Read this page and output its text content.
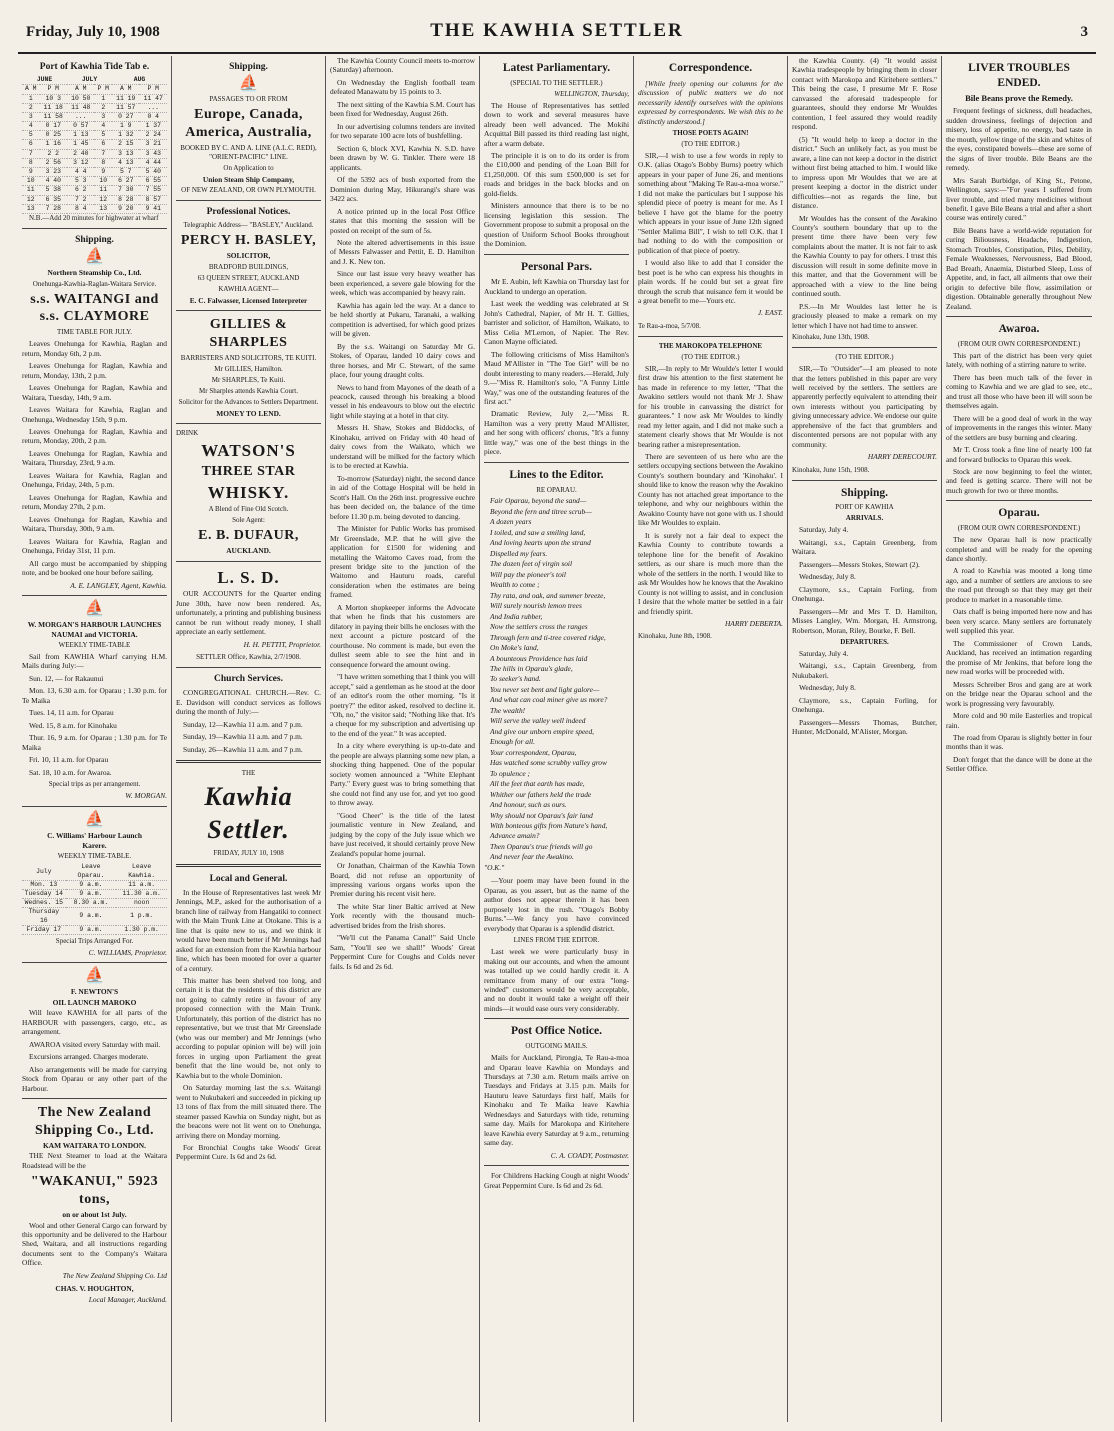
Friday, July 10, 1908	THE KAWHIA SETTLER	3
Port of Kawhia Tide Tab e.
JUNE		JULY		AUG	
A M	P M	A M	P M	A M	P M
1	10 3	10 50	1	11 19	11 47
2	11 18	11 48	2	11 57	...
3	11 58	...	3	0 27	0 4
4	0 17	0 57	4	1 9	1 37
5	0 25	1 13	5	1 32	2 24
6	1 16	1 45	6	2 15	3 21
7	2 2	2 40	7	3 13	3 43
8	2 56	3 12	8	4 13	4 44
9	3 23	4 4	9	5 7	5 40
10	4 40	5 3	10	6 27	6 55
11	5 38	6 2	11	7 30	7 55
12	6 35	7 2	12	8 28	8 57
13	7 28	8 4	13	9 20	9 41

N.B.—Add 20 minutes for highwater at wharf

Shipping.
⛵
Northern Steamship Co., Ltd.
Onehunga-Kawhia-Raglan-Waitara Service.
s.s. WAITANGI and s.s. CLAYMORE
TIME TABLE FOR JULY.

Leaves Onehunga for Kawhia, Raglan and return, Monday 6th, 2 p.m.

Leaves Onehunga for Raglan, Kawhia and return, Monday, 13th, 2 p.m.

Leaves Onehunga for Raglan, Kawhia and Waitara, Tuesday, 14th, 9 a.m.

Leaves Waitara for Kawhia, Raglan and Onehunga, Wednesday 15th, 9 p.m.

Leaves Onehunga for Raglan, Kawhia and return, Monday, 20th, 2 p.m.

Leaves Onehunga for Raglan, Kawhia and Waitara, Thursday, 23rd, 9 a.m.

Leaves Waitara for Kawhia, Raglan and Onehunga, Friday, 24th, 5 p.m.

Leaves Onehunga for Raglan, Kawhia and return, Monday 27th, 2 p.m.

Leaves Onehunga for Raglan, Kawhia and Waitara, Thursday, 30th, 9 a.m.

Leaves Waitara for Kawhia, Raglan and Onehunga, Friday 31st, 11 p.m.

All cargo must be accompanied by shipping note, and be booked one hour before sailing.

A. E. LANGLEY, Agent, Kawhia.
⛵
W. MORGAN'S HARBOUR LAUNCHES NAUMAI and VICTORIA.
WEEKLY TIME-TABLE

Sail from KAWHIA Wharf carrying H.M. Mails during July:—

Sun. 12, — for Rakaunui

Mon. 13, 6.30 a.m. for Oparau ; 1.30 p.m. for Te Maika

Tues. 14, 11 a.m. for Oparau

Wed. 15, 8 a.m. for Kinohaku

Thur. 16, 9 a.m. for Oparau ; 1.30 p.m. for Te Maika

Fri. 10, 11 a.m. for Oparau

Sat. 18, 10 a.m. for Awaroa.

Special trips as per arrangement.
W. MORGAN.
⛵
C. Williams' Harbour Launch
Karere.
WEEKLY TIME-TABLE.
July	Leave Oparau.	Leave Kawhia.
Mon. 13	9 a.m.	11 a.m.
Tuesday 14	9 a.m.	11.30 a.m.
Wednes. 15	8.30 a.m.	noon
Thursday 16	9 a.m.	1 p.m.
Friday 17	9 a.m.	1.30 p.m.
Special Trips Arranged For.
C. WILLIAMS, Proprietor.
⛵
F. NEWTON'S
OIL LAUNCH MAROKO

Will leave KAWHIA for all parts of the HARBOUR with passengers, cargo, etc., as arrangement.

AWAROA visited every Saturday with mail.

Excursions arranged. Charges moderate.

Also arrangements will be made for carrying Stock from Oparau or any other part of the Harbour.

The New Zealand Shipping Co., Ltd.
KAM WAITARA TO LONDON.

THE Next Steamer to load at the Waitara Roadstead will be the

"WAKANUI," 5923 tons,
on or about 1st July.

Wool and other General Cargo can forward by this opportunity and be delivered to the Harbour Shed, Waitara, and all instructions regarding documents sent to the Company's Waitara Office.

The New Zealand Shipping Co. Ltd
CHAS. V. HOUGHTON,
Local Manager, Auckland.
Shipping.
⛵
PASSAGES TO OR FROM
Europe, Canada, America, Australia,
BOOKED BY C. AND A. LINE (A.L.C. REDI), "ORIENT-PACIFIC" LINE.
On Application to
Union Steam Ship Company,
OF NEW ZEALAND, OR OWN PLYMOUTH.
Professional Notices.
Telegraphic Address— "BASLEY," Auckland.
PERCY H. BASLEY,
SOLICITOR,
BRADFORD BUILDINGS,
63 QUEEN STREET, AUCKLAND
KAWHIA AGENT—
E. C. Falwasser, Licensed Interpreter
GILLIES & SHARPLES
BARRISTERS AND SOLICITORS, TE KUITI.
Mr GILLIES, Hamilton.
Mr SHARPLES, Te Kuiti.
Mr Sharples attends Kawhia Court.
Solicitor for the Advances to Settlers Department.
MONEY TO LEND.
DRINK
WATSON'S
THREE STAR
WHISKY.
A Blend of Fine Old Scotch.
Sole Agent:
E. B. DUFAUR,
AUCKLAND.
L. S. D.

OUR ACCOUNTS for the Quarter ending June 30th, have now been rendered. As, unfortunately, a printing and publishing business cannot be run without ready money, I shall appreciate an early settlement.

H. H. PETTIT, Proprietor.
SETTLER Office, Kawhia, 2/7/1908.
Church Services.

CONGREGATIONAL CHURCH.—Rev. C. E. Davidson will conduct services as follows during the month of July:—

Sunday, 12—Kawhia 11 a.m. and 7 p.m.

Sunday, 19—Kawhia 11 a.m. and 7 p.m.

Sunday, 26—Kawhia 11 a.m. and 7 p.m.

THE
Kawhia Settler.
FRIDAY, JULY 10, 1908
Local and General.

In the House of Representatives last week Mr Jennings, M.P., asked for the authorisation of a branch line of railway from Hangatiki to connect with the Main Trunk Line at Otokane. This is a line that is quite new to us, and we think it would have been much better if Mr Jennings had asked for an extension from the Kawhia harbour line, which has been mooted for over a quarter of a century.

This matter has been shelved too long, and certain it is that the residents of this district are not going to calmly retire in favour of any proposed connection with the Main Trunk. Unfortunately, this portion of the district has no representative, but we trust that Mr Greenslade (who was our member) and Mr Jennings (who according to popular opinion will be) will join forces in urging upon Parliament the great benefit that the line would be, not only to Kawhia but to the whole Dominion.

On Saturday morning last the s.s. Waitangi went to Nukubakeri and succeeded in picking up 13 tons of flax from the mill situated there. The steamer passed Kawhia on Sunday night, but as the beacons were not lit went on to Onehunga, arriving there on Monday morning.

For Bronchial Coughs take Woods' Great Peppermint Cure. Is 6d and 2s 6d.

The Kawhia County Council meets to-morrow (Saturday) afternoon.

On Wednesday the English football team defeated Manawatu by 15 points to 3.

The next sitting of the Kawhia S.M. Court has been fixed for Wednesday, August 26th.

In our advertising columns tenders are invited for two separate 100 acre lots of bushfelling.

Section 6, block XVI, Kawhia N. S.D. have been drawn by W. G. Tinkler. There were 18 applicants.

Of the 5392 acs of bush exported from the Dominion during May, Hikurangi's share was 3422 acs.

A notice printed up in the local Post Office states that this morning the session will be posted on receipt of the sum of 5s.

Note the altered advertisements in this issue of Messrs Falwasser and Pettit, E. D. Hamilton and J. K. New ton.

Since our last issue very heavy weather has been experienced, a severe gale blowing for the week, which was accompanied by heavy rain.

Kawhia has again led the way. At a dance to be held shortly at Pukaru, Taranaki, a walking competition is advertised, for which good prizes will be given.

By the s.s. Waitangi on Saturday Mr G. Stokes, of Oparau, landed 10 dairy cows and three horses, and Mr C. Stewart, of the same place, four young draught colts.

News to hand from Mayones of the death of a peacock, caused through his breaking a blood vessel in his endeavours to blow out the electric light while staying at a hotel in that city.

Messrs H. Shaw, Stokes and Biddocks, of Kinohaku, arrived on Friday with 40 head of dairy cows from the Waikato, which we understand will be milked for the factory which is to be erected at Kawhia.

To-morrow (Saturday) night, the second dance in aid of the Cottage Hospital will be held in Scott's Hall. On the 26th inst. progressive euchre has been decided on, the balance of the time before 11.30 p.m. being devoted to dancing.

The Minister for Public Works has promised Mr Greenslade, M.P. that he will give the application for £1500 for widening and metalling the Waitomo Caves road, from the present bridge site to the junction of the Waitomo and Hauturu roads, careful consideration when the estimates are being framed.

A Morton shopkeeper informs the Advocate that when he finds that his customers are dilatory in paying their bills he encloses with the next account a picture postcard of the courthouse. No comment is made, but even the dullest seem able to see the hint and in consequence forward the amount owing.

"I have written something that I think you will accept," said a gentleman as he stood at the door of an editor's room the other morning. "Is it poetry?" the editor asked, resolved to decline it. "Oh, no," the visitor said; "Nothing like that. It's a cheque for my subscription and advertising up to the end of the year." It was accepted.

In a city where everything is up-to-date and the people are always planning some new plan, a shocking thing happened. One of the popular society women announced a "White Elephant Party." Every guest was to bring something that she could not find any use for, and yet too good to throw away.

"Good Cheer" is the title of the latest journalistic venture in New Zealand, and judging by the copy of the July issue which we have just received, it should certainly prove New Zealand's popular home journal.

Or Jonathan, Chairman of the Kawhia Town Board, did not refuse an opportunity of impressing various organs works upon the Premier during his recent visit here.

The white Star liner Baltic arrived at New York recently with the thousand much-advertised brides from the Irish shores.

"We'll cut the Panama Canal!" Said Uncle Sam, "You'll see we shall!" Woods' Great Peppermint Cure for Coughs and Colds never fails. Is 6d and 2s 6d.

Latest Parliamentary.
(SPECIAL TO THE SETTLER.)
WELLINGTON, Thursday,

The House of Representatives has settled down to work and several measures have already been well advanced. The Mokihi Acquittal Bill passed its third reading last night, after a warm debate.

The principle it is on to do its order is from the £10,000 and pending of the Loan Bill for £1,250,000. Of this sum £500,000 is set for roads and bridges in the back blocks and on gold-fields.

Ministers announce that there is to be no licensing legislation this session. The Government propose to submit a proposal on the question of Uniform School Books throughout the Dominion.

Personal Pars.

Mr E. Aubin, left Kawhia on Thursday last for Auckland to undergo an operation.

Last week the wedding was celebrated at St John's Cathedral, Napier, of Mr H. T. Gillies, barrister and solicitor, of Hamilton, Waikato, to Miss Celia M'Lernon, of Napier. The Rev. Canon Mayne officiated.

The following criticisms of Miss Hamilton's Maud M'Allister in "The Toe Girl" will be no doubt interesting to many readers.—Herald, July 9.—"Miss R. Hamilton's solo, "A Funny Little Way," was one of the outstanding features of the first act."

Dramatic Review, July 2,—"Miss R. Hamilton was a very pretty Maud M'Allister, and her song with officers' chorus, "It's a funny little way," was one of the best things in the piece.

Lines to the Editor.
RE OPARAU.

Fair Oparau, beyond the sand—

Beyond the fern and titree scrub—

A dozen years

I toiled, and saw a smiling land,

And loving hearts upon the strand

Dispelled my fears.

The dozen feet of virgin soil

Will pay the pioneer's toil

Wealth to come ;

Thy rata, and oak, and summer breeze,

Will surely nourish lemon trees

And India rubber,

Now the settlers cross the ranges

Through fern and ti-tree covered ridge,

On Moke's land,

A bounteous Providence has laid

The hills in Oparau's glade,

To seeker's hand.

You never set bent and light galore—

And what can coal miner give us more?

The wealth!

Will serve the valley well indeed

And give our unborn empire speed,

Enough for all.

Your correspondent, Oparau,

Has watched some scrubby valley grow

To opulence ;

All the feet that earth has made,

Whither our fathers held the trade

And honour, such as ours.

Why should not Oparau's fair land

With bonteous gifts from Nature's hand,

Advance amain?

Then Oparau's true friends will go

And never fear the Awakino.

"O.K."

—Your poem may have been found in the Oparau, as you assert, but as the name of the author does not appear therein it has been purposely lost in the rush. "Otago's Bobby Burns."—We fancy you have convinced everybody that Oparau is a splendid district.

LINES FROM THE EDITOR.

Last week we were particularly busy in making out our accounts, and when the amount was totalled up we could hardly credit it. A remittance from many of our extra "long-winded" customers would be very acceptable, and no doubt it would take a weight off their minds—it would ease ours very considerably.

Post Office Notice.
OUTGOING MAILS.

Mails for Auckland, Pirongia, Te Rau-a-moa and Oparau leave Kawhia on Mondays and Thursdays at 7.30 a.m. Return mails arrive on Tuesdays and Fridays at 3.15 p.m. Mails for Hauturu leave Saturdays first half, Mails for Kinohaku and Te Maika leave Kawhia Wednesdays and Saturdays with tide, returning same day. Mails for Marokopa and Kiritehere leave Kawhia every Saturday at 9 a.m., returning same day.

C. A. COADY, Postmaster.

For Childrens Hacking Cough at night Woods' Great Peppermint Cure. Is 6d and 2s 6d.

Correspondence.

[While freely opening our columns for the discussion of public matters we do not necessarily identify ourselves with the opinions expressed by correspondents. We wish this to be distinctly understood.]

THOSE POETS AGAIN!
(TO THE EDITOR.)

SIR,—I wish to use a few words in reply to O.K. (alias Otago's Bobby Burns) poetry which appears in your paper of June 26, and mentions something about "Making Te Rau-a-moa worse." I did not make the particulars but I suppose his splendid piece of poetry is meant for me. As I believe I have got the blame for the poetry which appears in your issue of June 12th signed "Settler Malima Bill", I wish to tell O.K. that I had nothing to do with the composition or publication of that piece of poetry.

I would also like to add that I consider the best poet is he who can express his thoughts in plain words. If he could but set a great fire through the scrub that nuisance fern it would be a great benefit to me—Yours etc.

J. EAST.
Te Rau-a-moa, 5/7/08.
THE MAROKOPA TELEPHONE
(TO THE EDITOR.)

SIR,—In reply to Mr Woulde's letter I would first draw his attention to the first statement he has made in reference to my letter, "That the Awakino settlers would not thank Mr J. Shaw for his trouble in canvassing the district for guarantees." I now ask Mr Wouldes to kindly read my letter again, and I did not make such a statement clearly shows that Mr Woulde is not bearing rather a misrepresentation.

There are seventeen of us here who are the settlers occupying sections between the Awakino County's southern boundary and 'Kinohaku'. I should like to know the reason why the Awakino County has not attached great importance to the telephone, and why our neighbours within the Awakino County have not gone with us. I should like Mr Wouldes to explain.

It is surely not a fair deal to expect the Kawhia County to contribute towards a telephone line for the benefit of Awakino settlers, as our share is much more than the whole of the settlers in the north. I would like to ask Mr Wouldes how he knows that the Awakino County is not willing to assist, and in conclusion I desire that the whole matter be settled in a fair and friendly spirit.

HARRY DEBERTA.
Kinohaku, June 8th, 1908.

the Kawhia County. (4) "It would assist Kawhia tradespeople by bringing them in closer contact with Marokopa and Kiritehere settlers." This being the case, I presume Mr F. Rose canvassed the aforesaid tradespeople for guarantees, should they endorse Mr Wouldes contention, I feel assured they would readily respond.

(5) "It would help to keep a doctor in the district." Such an unlikely fact, as you must be aware, a line can not keep a doctor in the district without first being attached to him. I would like to impress upon Mr Wouldes that we are at present keeping a doctor in the district under difficulties—not as regards the line, but distance.

Mr Wouldes has the consent of the Awakino County's southern boundary that up to the present time there have been very few complaints about the matter. It is not fair to ask the Kawhia County to pay for others. I trust this discussion will result in some definite move in this matter, and that the Government will be approached with a view to the line being continued south.

P.S.—In Mr Wouldes last letter he is graciously pleased to make a remark on my letter which I have not had time to answer.

Kinohaku, June 13th, 1908.
(TO THE EDITOR.)

SIR,—To "Outsider"—I am pleased to note that the letters published in this paper are very well received by the settlers. The settlers are apparently perfectly equivalent to attending their own interests without you participating by giving unnecessary advice. We endorse our quite apprehensive of the fact that grumblers and discontented persons are not popular with any community.

HARRY DERECOURT.
Kinohaku, June 15th, 1908.
Shipping.
PORT OF KAWHIA
ARRIVALS.

Saturday, July 4.

Waitangi, s.s., Captain Greenberg, from Waitara.

Passengers—Messrs Stokes, Stewart (2).

Wednesday, July 8.

Claymore, s.s., Captain Forling, from Onehunga.

Passengers—Mr and Mrs T. D. Hamilton, Misses Langley, Wm. Morgan, H. Armstrong, Robertson, Moran, Riley, Bourke, F. Bell.

DEPARTURES.

Saturday, July 4.

Waitangi, s.s., Captain Greenberg, from Nukubakeri.

Wednesday, July 8.

Claymore, s.s., Captain Forling, for Onehunga.

Passengers—Messrs Thomas, Butcher, Hunter, McDonald, M'Alister, Morgan.

LIVER TROUBLES ENDED.
Bile Beans prove the Remedy.

Frequent feelings of sickness, dull headaches, sudden drowsiness, feelings of dejection and misery, loss of appetite, no energy, bad taste in the mouth, yellow tinge of the skin and whites of the eyes, constipated bowels—these are some of the signs of liver trouble. Bile Beans are the remedy.

Mrs Sarah Burbidge, of King St., Petone, Wellington, says:—"For years I suffered from liver trouble, and tried many medicines without benefit. I gave Bile Beans a trial and after a short course was entirely cured."

Bile Beans have a world-wide reputation for curing Biliousness, Headache, Indigestion, Stomach Troubles, Constipation, Piles, Debility, Female Weaknesses, Nervousness, Bad Blood, Bad Breath, Anaemia, Disturbed Sleep, Loss of Appetite, and, in fact, all ailments that owe their origin to defective bile flow, assimilation or digestion. Obtainable generally throughout New Zealand.

Awaroa.
(FROM OUR OWN CORRESPONDENT.)

This part of the district has been very quiet lately, with nothing of a stirring nature to write.

There has been much talk of the fever in coming to Kawhia and we are glad to see, etc., and trust all those who have been ill will soon be themselves again.

There will be a good deal of work in the way of improvements in the ranges this winter. Many of the settlers are busy burning and clearing.

Mr T. Cross took a fine line of nearly 100 fat and forward bullocks to Oparau this week.

Stock are now beginning to feel the winter, and feed is getting scarce. There will not be much growth for two or three months.

Oparau.
(FROM OUR OWN CORRESPONDENT.)

The new Oparau hall is now practically completed and will be ready for the opening dance shortly.

A road to Kawhia was mooted a long time ago, and a number of settlers are anxious to see the road put through so that they may get their produce to market in a reasonable time.

Oats chaff is being imported here now and has been very scarce. Many settlers are fortunately well supplied this year.

The Commissioner of Crown Lands, Auckland, has received an intimation regarding the promise of Mr Jenkins, that before long the new road works will be proceeded with.

Messrs Schreiber Bros and gang are at work on the bridge near the Oparau school and the work is progressing very favourably.

More cold and 90 mile Easterlies and tropical rain.

The road from Oparau is slightly better in four months than it was.

Don't forget that the dance will be done at the Settler Office.
